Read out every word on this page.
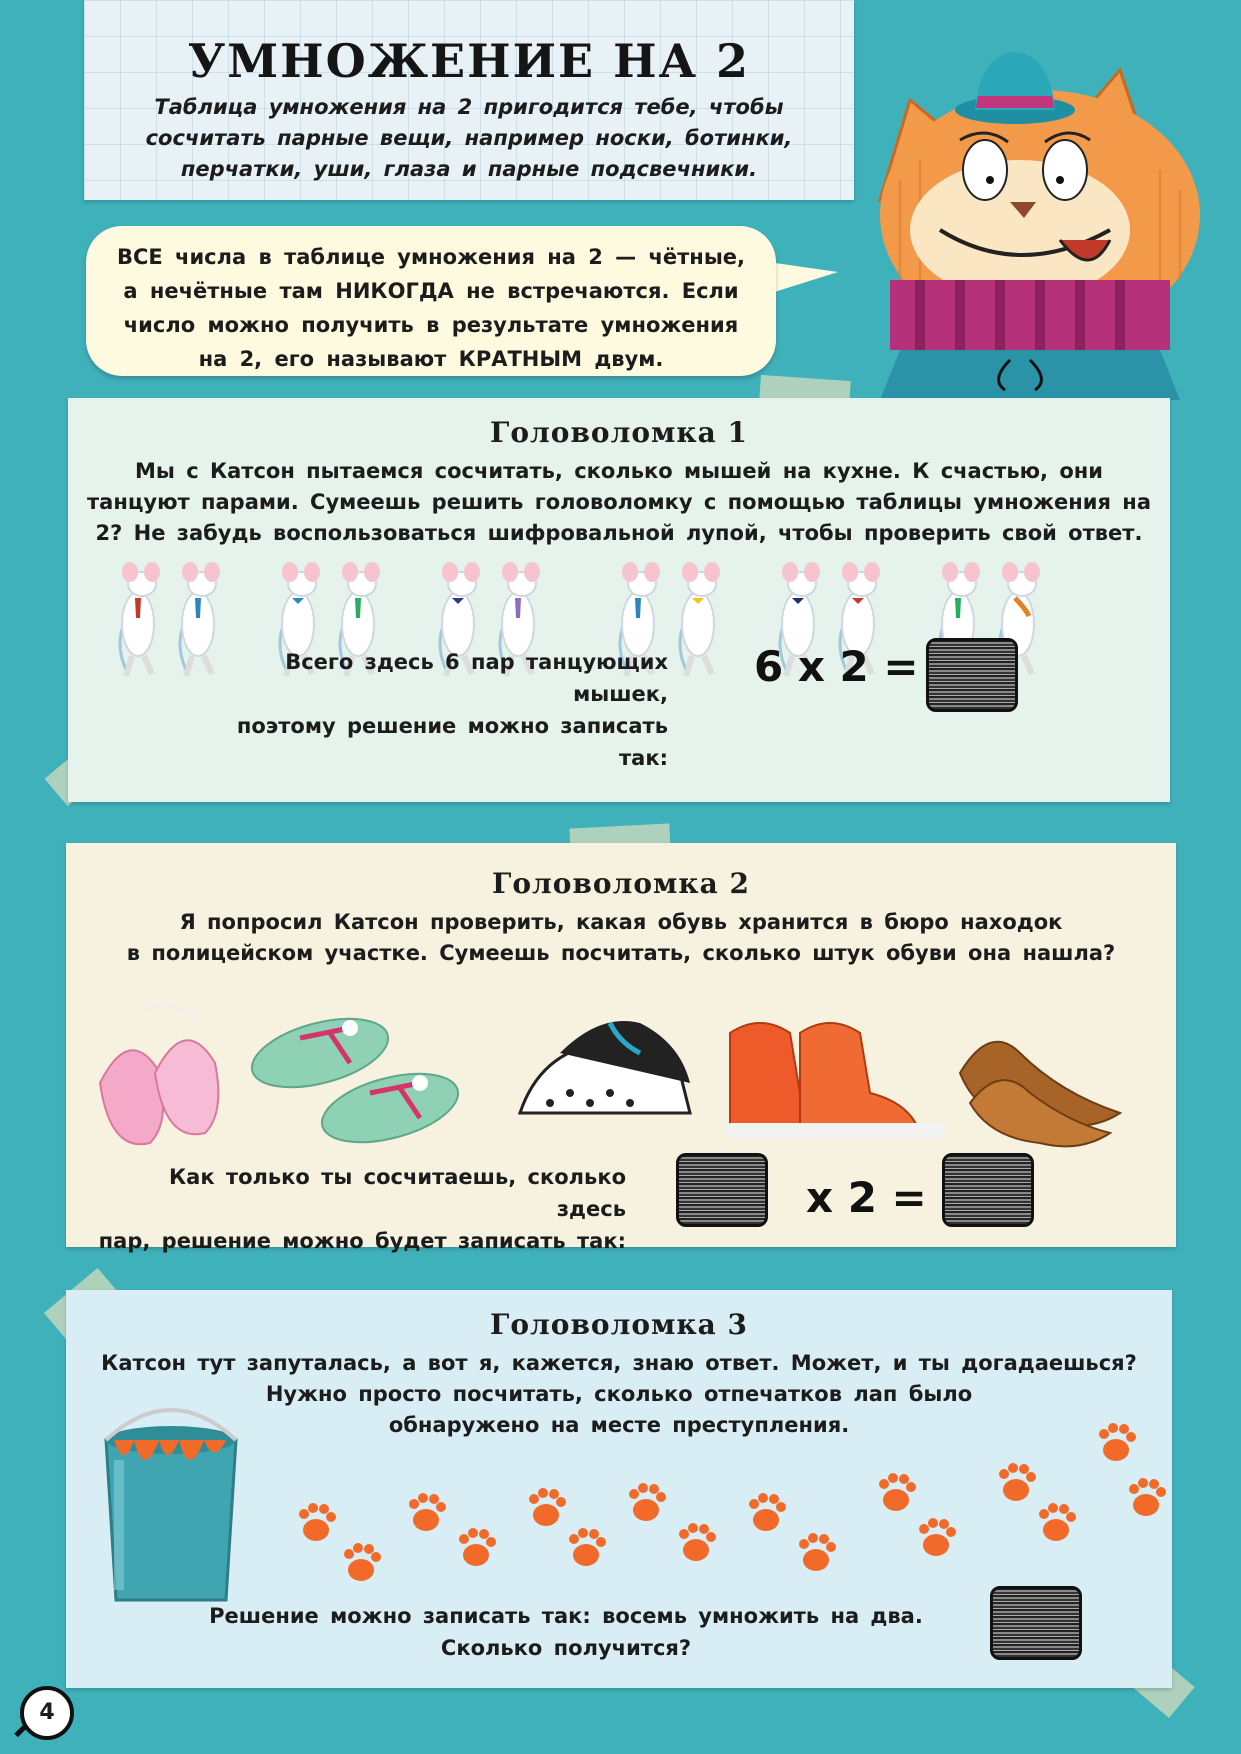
УМНОЖЕНИЕ НА 2
Таблица умножения на 2 пригодится тебе, чтобы
сосчитать парные вещи, например носки, ботинки,
перчатки, уши, глаза и парные подсвечники.

ВСЕ числа в таблице умножения на 2 — чётные,
а нечётные там НИКОГДА не встречаются. Если
число можно получить в результате умножения
на 2, его называют КРАТНЫМ двум.

Головоломка 1
Мы с Катсон пытаемся сосчитать, сколько мышей на кухне. К счастью, они
танцуют парами. Сумеешь решить головоломку с помощью таблицы умножения на
2? Не забудь воспользоваться шифровальной лупой, чтобы проверить свой ответ.
Всего здесь 6 пар танцующих мышек,
поэтому решение можно записать так:
6 x 2 =
Головоломка 2
Я попросил Катсон проверить, какая обувь хранится в бюро находок
в полицейском участке. Сумеешь посчитать, сколько штук обуви она нашла?
Как только ты сосчитаешь, сколько здесь
пар, решение можно будет записать так:
x 2 =
Головоломка 3
Катсон тут запуталась, а вот я, кажется, знаю ответ. Может, и ты догадаешься?
Нужно просто посчитать, сколько отпечатков лап было
обнаружено на месте преступления.
Решение можно записать так: восемь умножить на два.
Сколько получится?
4
